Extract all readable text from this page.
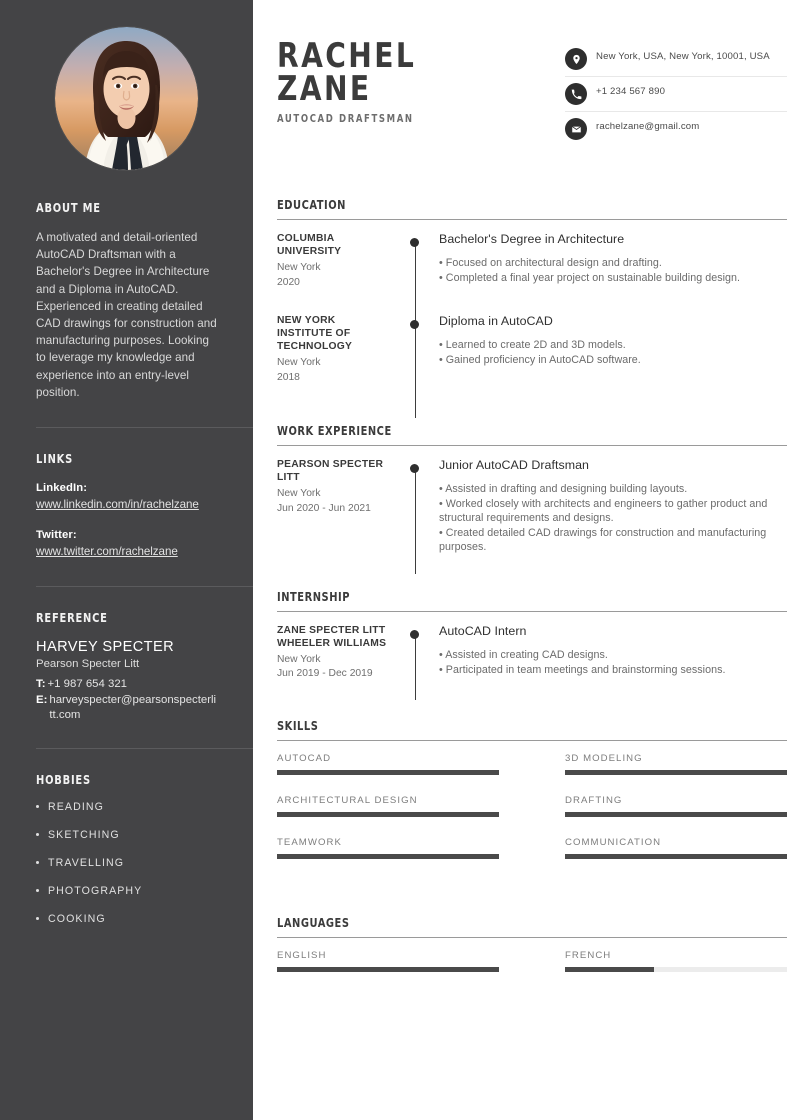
ABOUT ME
A motivated and detail-oriented AutoCAD Draftsman with a Bachelor's Degree in Architecture and a Diploma in AutoCAD. Experienced in creating detailed CAD drawings for construction and manufacturing purposes. Looking to leverage my knowledge and experience into an entry-level position.
LINKS
LinkedIn:
www.linkedin.com/in/rachelzane
Twitter:
www.twitter.com/rachelzane
REFERENCE
HARVEY SPECTER
Pearson Specter Litt
T: +1 987 654 321
E: harveyspecter@pearsonspecterlitt.com
HOBBIES
READING
SKETCHING
TRAVELLING
PHOTOGRAPHY
COOKING
RACHEL
ZANE
AUTOCAD DRAFTSMAN
New York, USA, New York, 10001, USA
+1 234 567 890
rachelzane@gmail.com
EDUCATION
COLUMBIA UNIVERSITY
New York
2020
Bachelor's Degree in Architecture
• Focused on architectural design and drafting.
• Completed a final year project on sustainable building design.
NEW YORK INSTITUTE OF TECHNOLOGY
New York
2018
Diploma in AutoCAD
• Learned to create 2D and 3D models.
• Gained proficiency in AutoCAD software.
WORK EXPERIENCE
PEARSON SPECTER LITT
New York
Jun 2020 - Jun 2021
Junior AutoCAD Draftsman
• Assisted in drafting and designing building layouts.
• Worked closely with architects and engineers to gather product and structural requirements and designs.
• Created detailed CAD drawings for construction and manufacturing purposes.
INTERNSHIP
ZANE SPECTER LITT WHEELER WILLIAMS
New York
Jun 2019 - Dec 2019
AutoCAD Intern
• Assisted in creating CAD designs.
• Participated in team meetings and brainstorming sessions.
SKILLS
AUTOCAD	3D MODELING
ARCHITECTURAL DESIGN	DRAFTING
TEAMWORK	COMMUNICATION
LANGUAGES
ENGLISH	FRENCH
